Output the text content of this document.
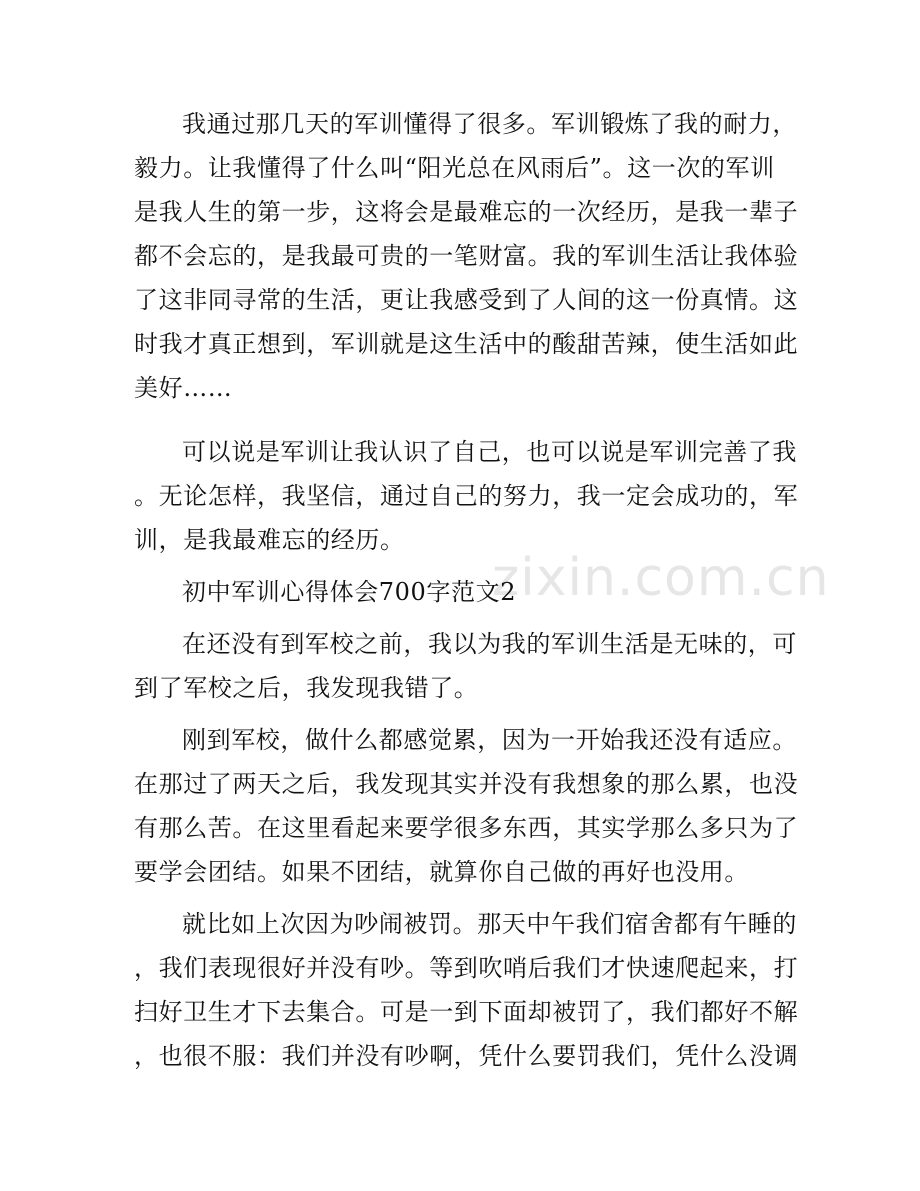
zixin.com.cn
我通过那几天的军训懂得了很多。军训锻炼了我的耐力，
毅力。让我懂得了什么叫“阳光总在风雨后”。这一次的军训
是我人生的第一步，这将会是最难忘的一次经历，是我一辈子
都不会忘的，是我最可贵的一笔财富。我的军训生活让我体验
了这非同寻常的生活，更让我感受到了人间的这一份真情。这
时我才真正想到，军训就是这生活中的酸甜苦辣，使生活如此
美好……
可以说是军训让我认识了自己，也可以说是军训完善了我
。无论怎样，我坚信，通过自己的努力，我一定会成功的，军
训，是我最难忘的经历。
初中军训心得体会700字范文2
在还没有到军校之前，我以为我的军训生活是无味的，可
到了军校之后，我发现我错了。
刚到军校，做什么都感觉累，因为一开始我还没有适应。
在那过了两天之后，我发现其实并没有我想象的那么累，也没
有那么苦。在这里看起来要学很多东西，其实学那么多只为了
要学会团结。如果不团结，就算你自己做的再好也没用。
就比如上次因为吵闹被罚。那天中午我们宿舍都有午睡的
，我们表现很好并没有吵。等到吹哨后我们才快速爬起来，打
扫好卫生才下去集合。可是一到下面却被罚了，我们都好不解
，也很不服：我们并没有吵啊，凭什么要罚我们，凭什么没调
